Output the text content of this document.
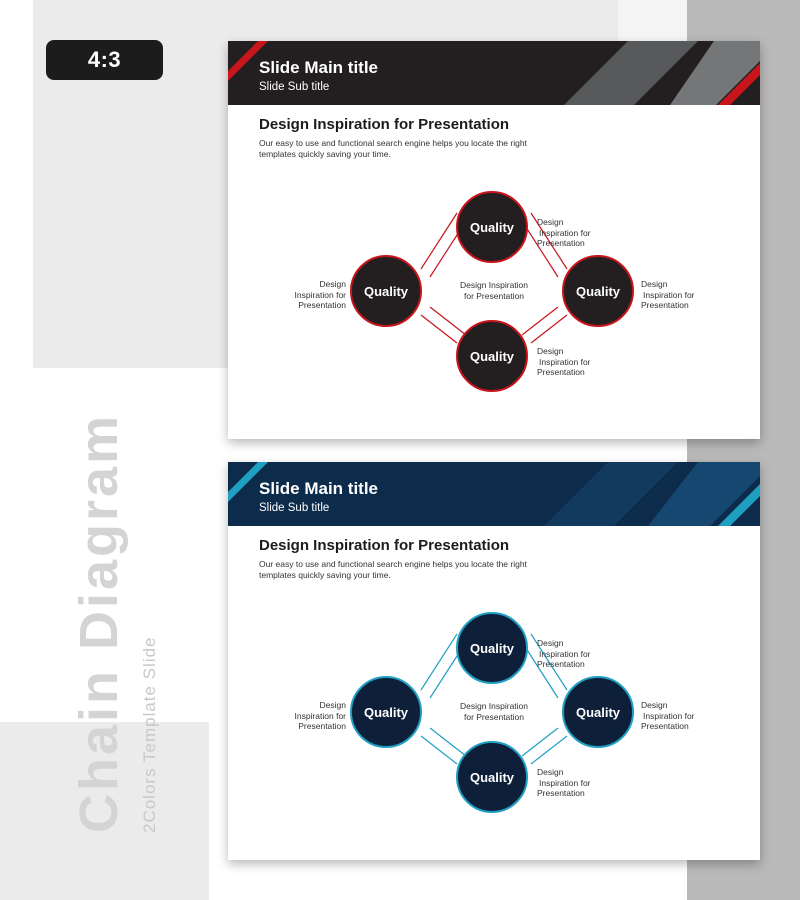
4:3
Chain Diagram 2Colors Template Slide
Slide Main title
Slide Sub title
Design Inspiration for Presentation
Our easy to use and functional search engine helps you locate the right templates quickly saving your time.
Quality
Quality	Quality
Quality
Design
Inspiration for
Presentation
Design
Inspiration for
Presentation
Design Inspiration
for Presentation
Design
Inspiration for
Presentation
Design
Inspiration for
Presentation
Slide Main title
Slide Sub title
Design Inspiration for Presentation
Our easy to use and functional search engine helps you locate the right templates quickly saving your time.
Quality
Quality	Quality
Quality
Design
Inspiration for
Presentation
Design
Inspiration for
Presentation
Design Inspiration
for Presentation
Design
Inspiration for
Presentation
Design
Inspiration for
Presentation
